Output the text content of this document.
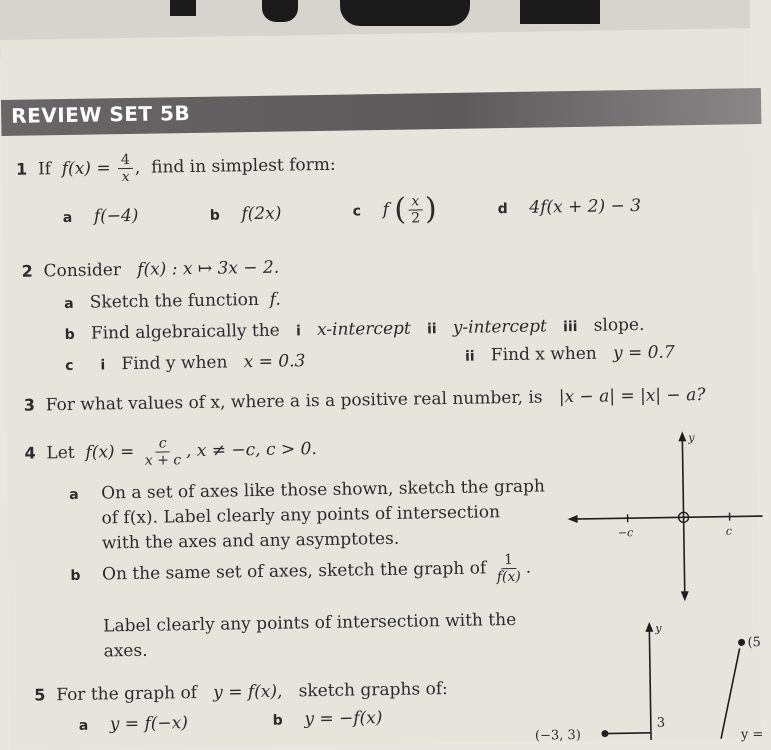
REVIEW SET 5B
1 If $f(x) = \frac{4}{x}$ , find in simplest form:
a f(−4)	b f(2x)	c f ( $\frac{x}{2}$ )	d 4f(x + 2) − 3
2 Consider f(x) : x ↦ 3x − 2.
a Sketch the function f.
b Find algebraically the i x-intercept ii y-intercept iii slope.
c i Find y when x = 0.3	ii Find x when y = 0.7
3 For what values of x, where a is a positive real number, is |x − a| = |x| − a?
4 Let $f(x) = \frac{c}{x + c}$ , x ≠ −c, c > 0.
a On a set of axes like those shown, sketch the graph
of f(x). Label clearly any points of intersection
with the axes and any asymptotes.
b On the same set of axes, sketch the graph of $\frac{1}{f(x)}$ .
Label clearly any points of intersection with the
axes.
y
−c	c
5 For the graph of y = f(x), sketch graphs of:
a y = f(−x)	b y = −f(x)
y
(−3, 3)
3
(5
y =
